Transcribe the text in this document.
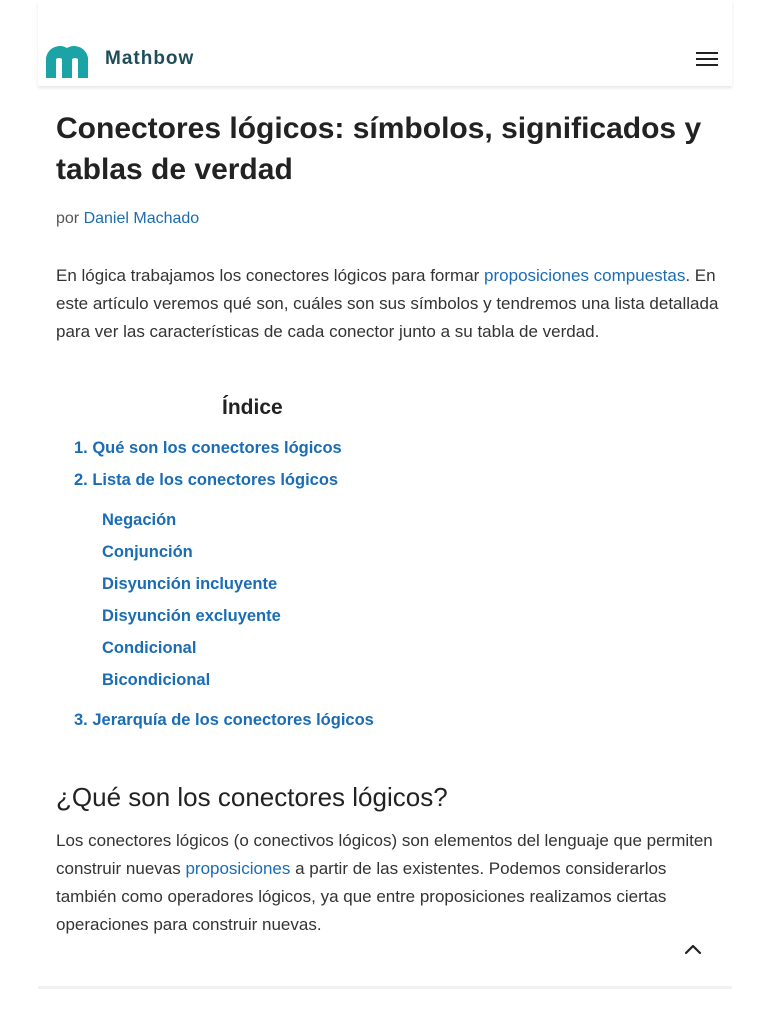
Mathbow
Conectores lógicos: símbolos, significados y tablas de verdad
por Daniel Machado

En lógica trabajamos los conectores lógicos para formar proposiciones compuestas. En este artículo veremos qué son, cuáles son sus símbolos y tendremos una lista detallada para ver las características de cada conector junto a su tabla de verdad.

Índice
1. Qué son los conectores lógicos
2. Lista de los conectores lógicos
Negación
Conjunción
Disyunción incluyente
Disyunción excluyente
Condicional
Bicondicional
3. Jerarquía de los conectores lógicos
¿Qué son los conectores lógicos?

Los conectores lógicos (o conectivos lógicos) son elementos del lenguaje que permiten construir nuevas proposiciones a partir de las existentes. Podemos considerarlos también como operadores lógicos, ya que entre proposiciones realizamos ciertas operaciones para construir nuevas.
